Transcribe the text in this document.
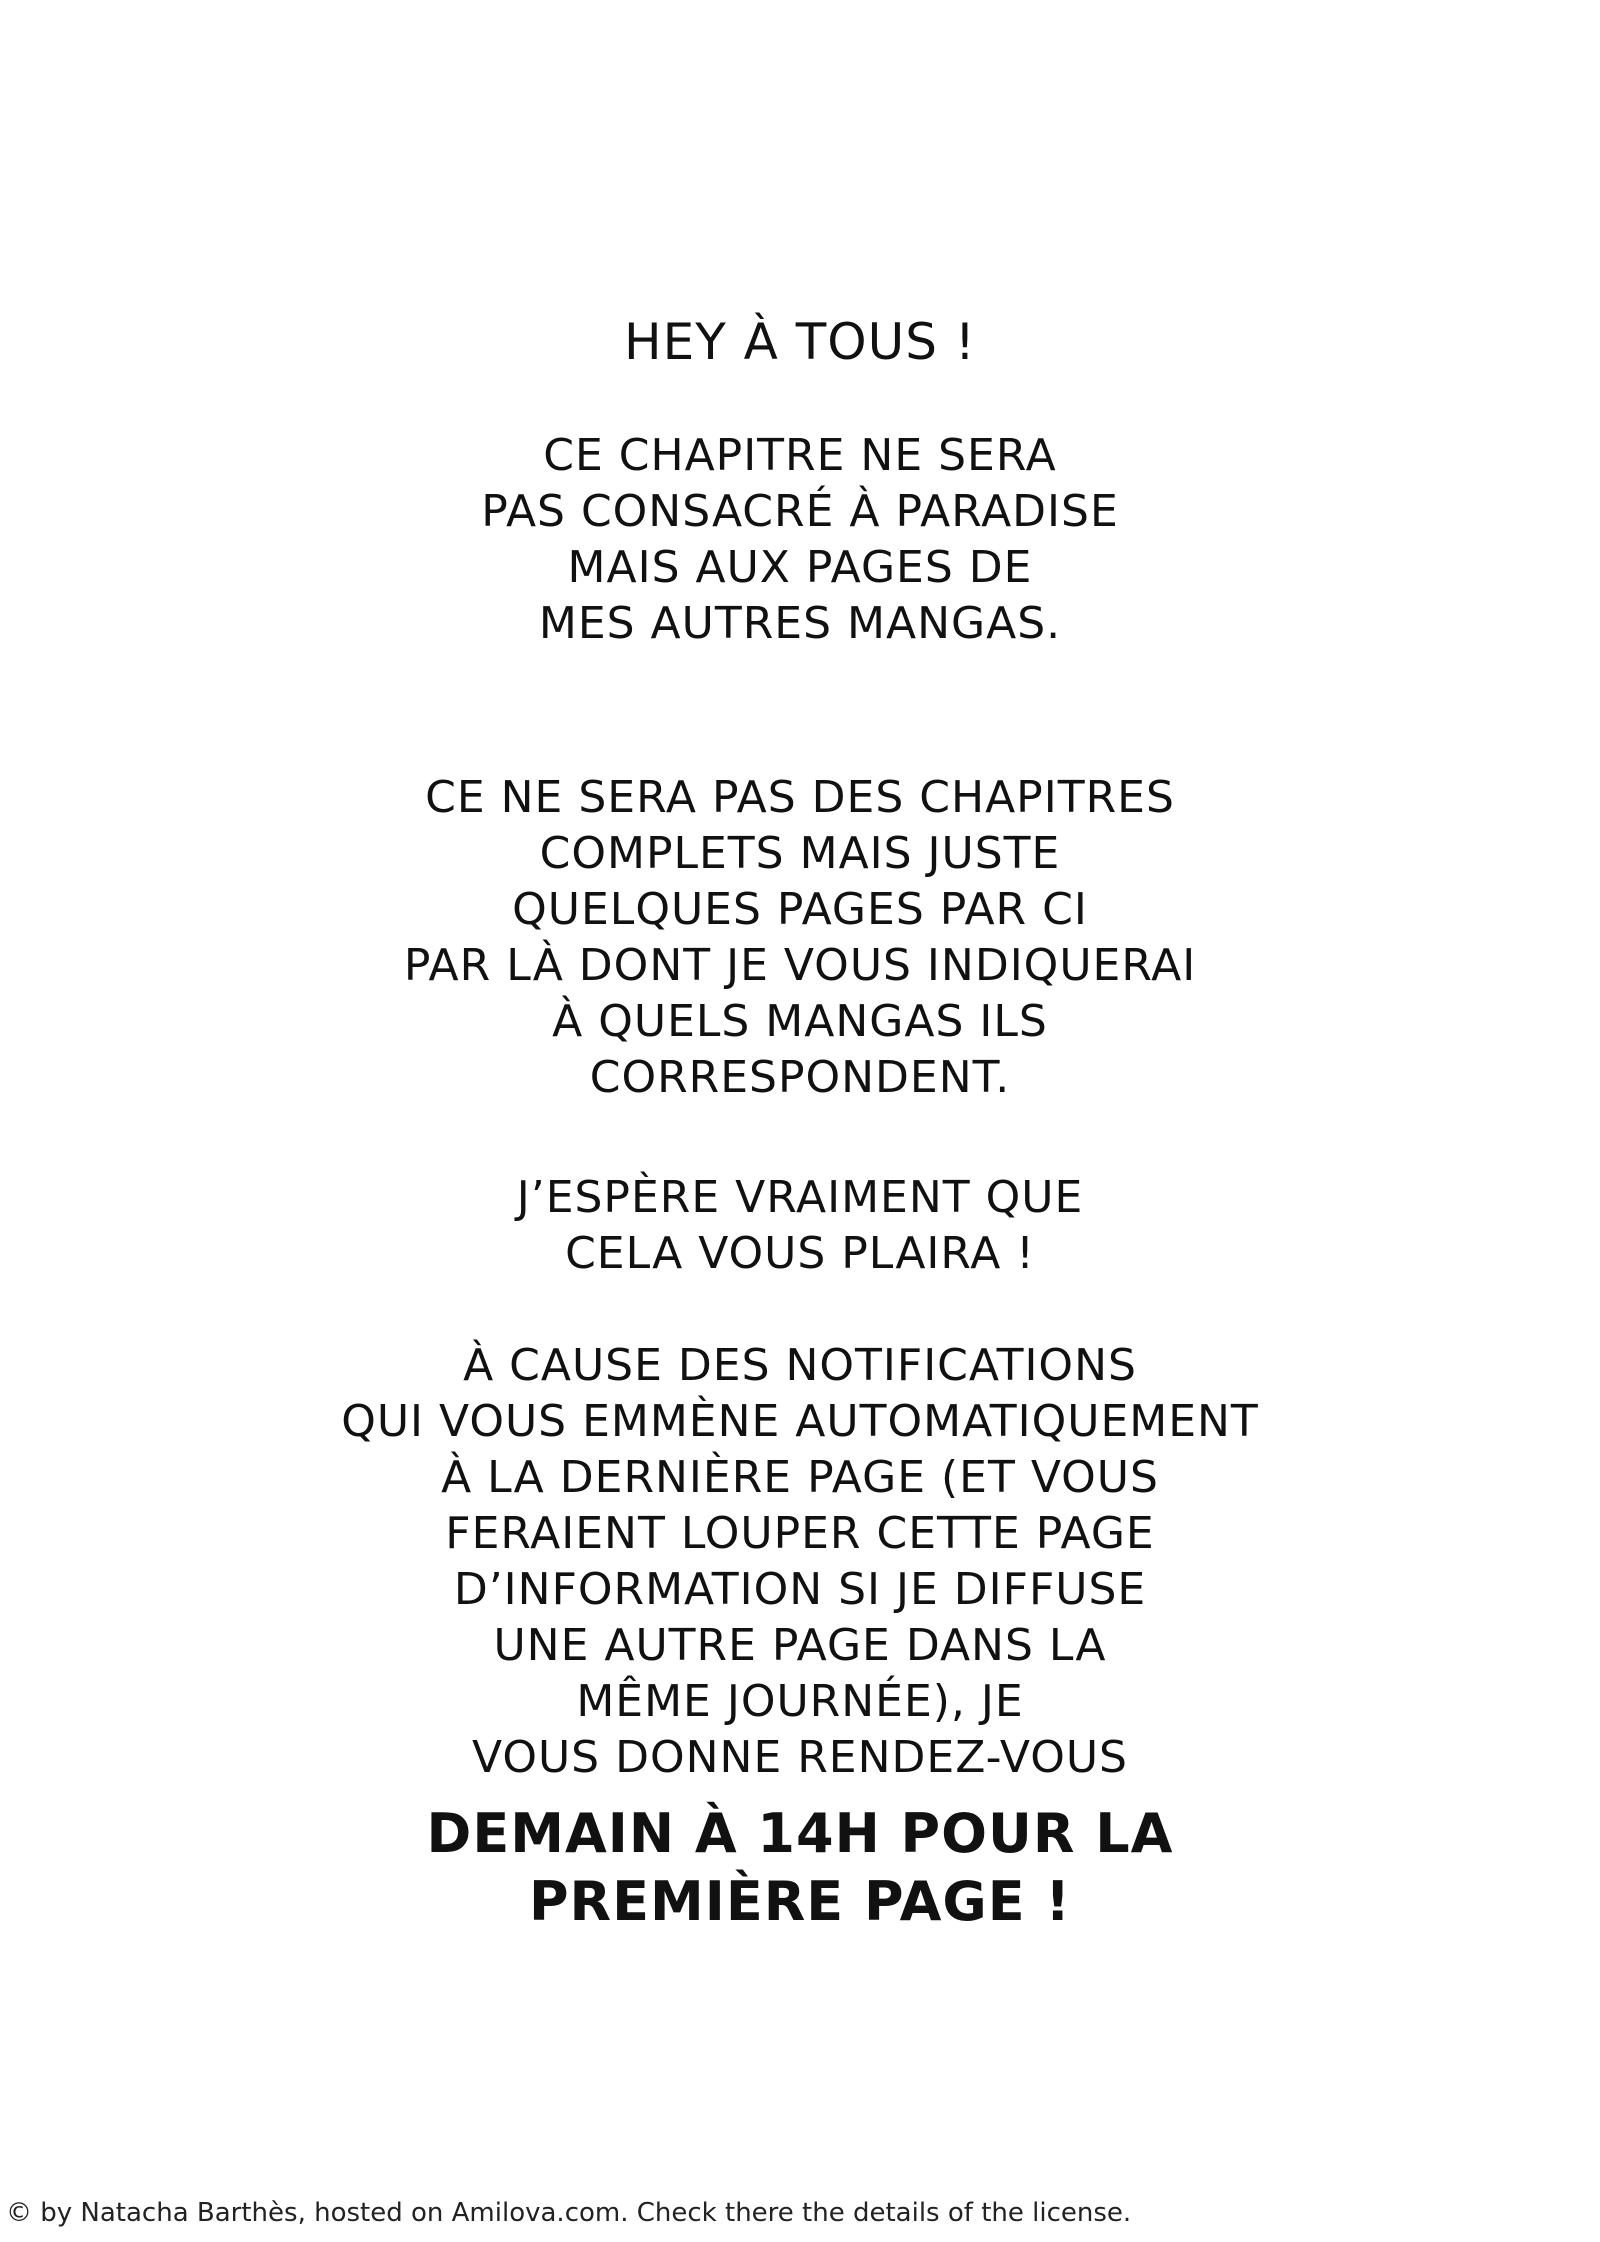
HEY À TOUS !
CE CHAPITRE NE SERA
PAS CONSACRÉ À PARADISE
MAIS AUX PAGES DE
MES AUTRES MANGAS.
CE NE SERA PAS DES CHAPITRES
COMPLETS MAIS JUSTE
QUELQUES PAGES PAR CI
PAR LÀ DONT JE VOUS INDIQUERAI
À QUELS MANGAS ILS
CORRESPONDENT.
J’ESPÈRE VRAIMENT QUE
CELA VOUS PLAIRA !
À CAUSE DES NOTIFICATIONS
QUI VOUS EMMÈNE AUTOMATIQUEMENT
À LA DERNIÈRE PAGE (ET VOUS
FERAIENT LOUPER CETTE PAGE
D’INFORMATION SI JE DIFFUSE
UNE AUTRE PAGE DANS LA
MÊME JOURNÉE), JE
VOUS DONNE RENDEZ-VOUS
DEMAIN À 14H POUR LA
PREMIÈRE PAGE !
© by Natacha Barthès, hosted on Amilova.com. Check there the details of the license.
